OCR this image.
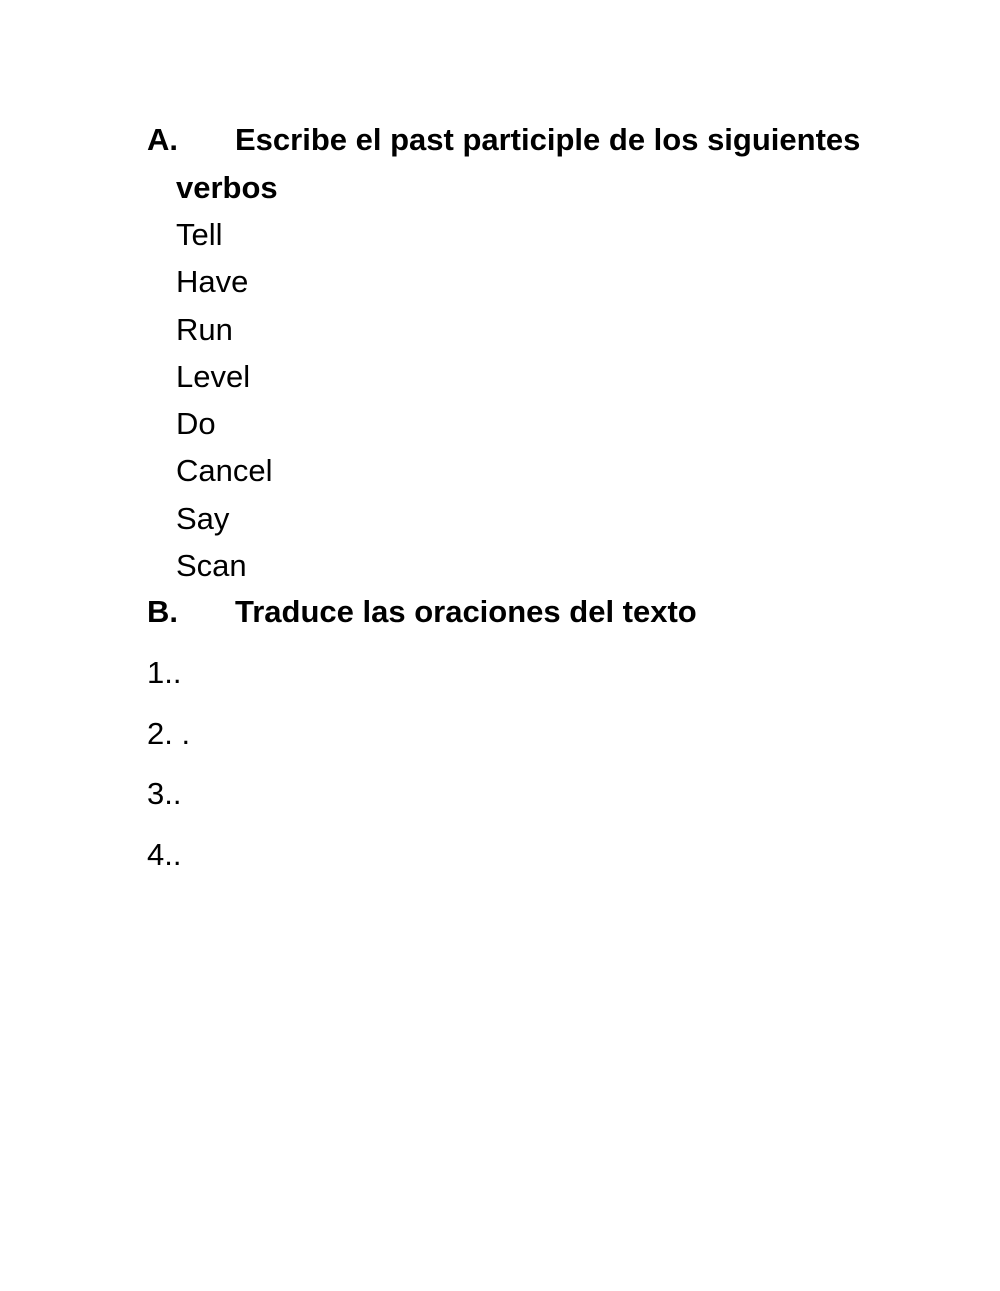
A. Escribe el past participle de los siguientes
verbos
Tell
Have
Run
Level
Do
Cancel
Say
Scan
B. Traduce las oraciones del texto
1..
2. .
3..
4..
